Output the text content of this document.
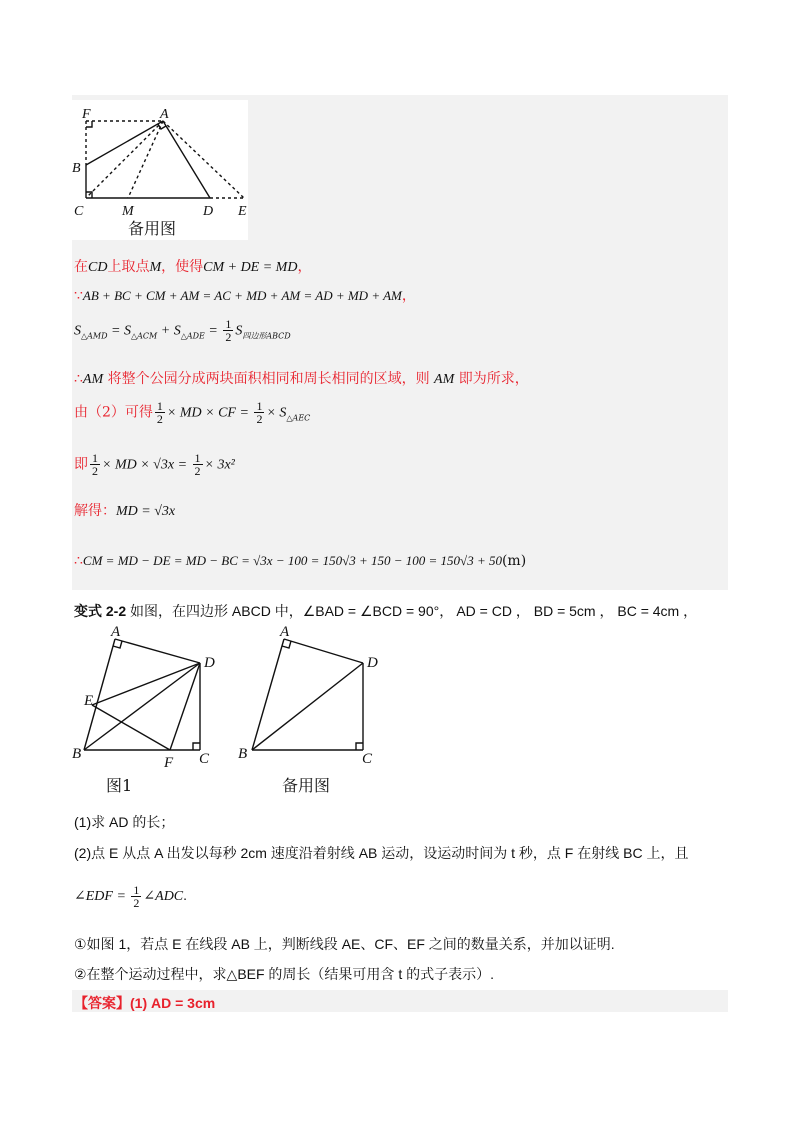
F	A
B
C	M	D E
备用图
在CD上取点M，使得CM + DE = MD，
∵AB + BC + CM + AM = AC + MD + AM = AD + MD + AM，
$S_{\triangle AMD} = S_{\triangle ACM} + S_{\triangle ADE} = \frac{1}{2} S_{四边形ABCD}$
∴AM 将整个公园分成两块面积相同和周长相同的区域，则 AM 即为所求，
由（2）可得 $\frac{1}{2}$ × MD × CF = $\frac{1}{2} \times S_{\triangle AEC}$
即 $\frac{1}{2}$ × MD × $√3x = \frac{1}{2} \times 3x^2$
解得：MD = √3x
∴CM = MD − DE = MD − BC = √3x − 100 = 150√3 + 150 − 100 = 150√3 + 50(m)
变式 2-2 如图，在四边形 ABCD 中，∠BAD = ∠BCD = 90°， AD = CD ， BD = 5cm ， BC = 4cm ，
A
D
E
B
F C
图1
A
D
B	C
备用图
(1)求 AD 的长；
(2)点 E 从点 A 出发以每秒 2cm 速度沿着射线 AB 运动，设运动时间为 t 秒，点 F 在射线 BC 上，且
∠EDF = $\frac{1}{2}$ ∠ADC.
①如图 1，若点 E 在线段 AB 上，判断线段 AE、CF、EF 之间的数量关系，并加以证明.
②在整个运动过程中，求△BEF 的周长（结果可用含 t 的式子表示）.
【答案】(1) AD = 3cm
